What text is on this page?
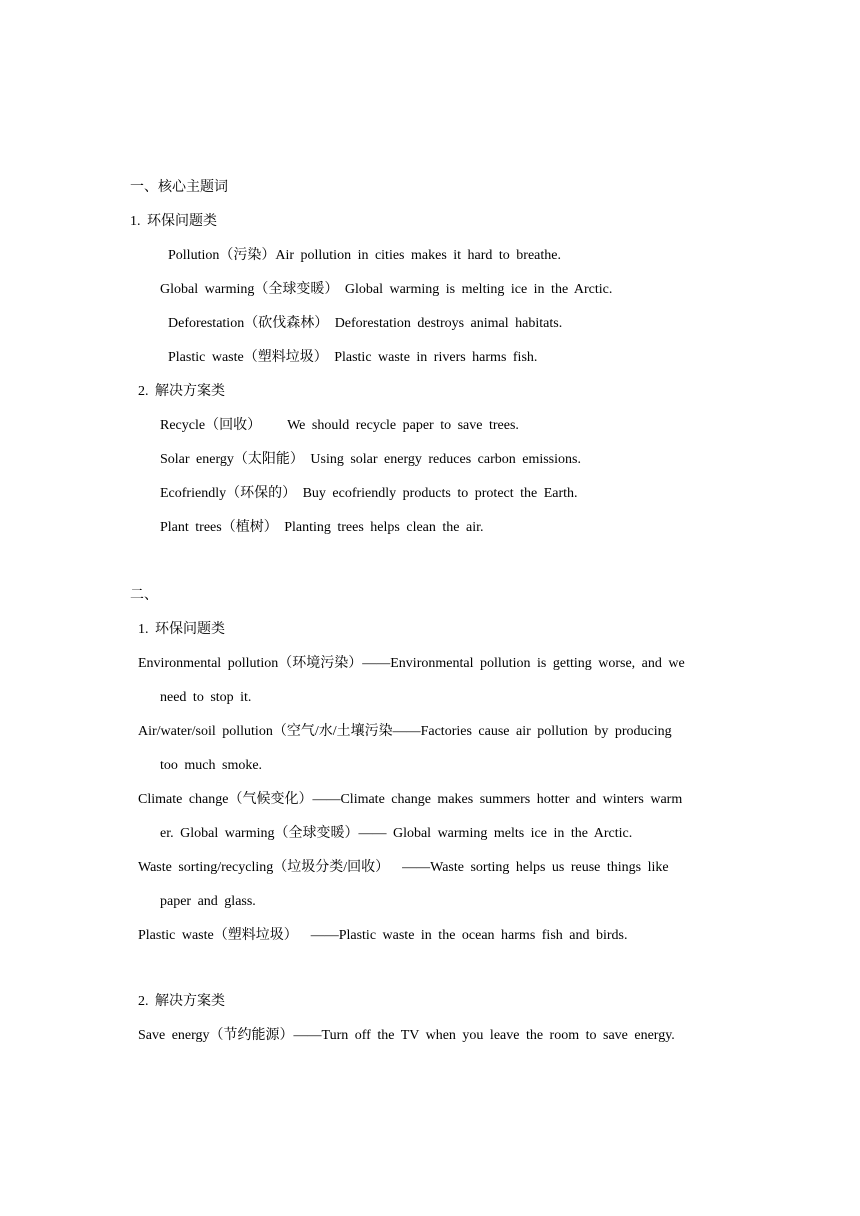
一、核心主题词
1. 环保问题类
Pollution（污染）Air pollution in cities makes it hard to breathe.
Global warming（全球变暖） Global warming is melting ice in the Arctic.
Deforestation（砍伐森林） Deforestation destroys animal habitats.
Plastic waste（塑料垃圾） Plastic waste in rivers harms fish.
2. 解决方案类
Recycle（回收）    We should recycle paper to save trees.
Solar energy（太阳能） Using solar energy reduces carbon emissions.
Ecofriendly（环保的） Buy ecofriendly products to protect the Earth.
Plant trees（植树） Planting trees helps clean the air.
二、
1. 环保问题类
Environmental pollution（环境污染）——Environmental pollution is getting worse, and we
need to stop it.
Air/water/soil pollution（空气/水/土壤污染——Factories cause air pollution by producing
too much smoke.
Climate change（气候变化）——Climate change makes summers hotter and winters warm
er. Global warming（全球变暖）—— Global warming melts ice in the Arctic.
Waste sorting/recycling（垃圾分类/回收）  ——Waste sorting helps us reuse things like
paper and glass.
Plastic waste（塑料垃圾）  ——Plastic waste in the ocean harms fish and birds.
2. 解决方案类
Save energy（节约能源）——Turn off the TV when you leave the room to save energy.
